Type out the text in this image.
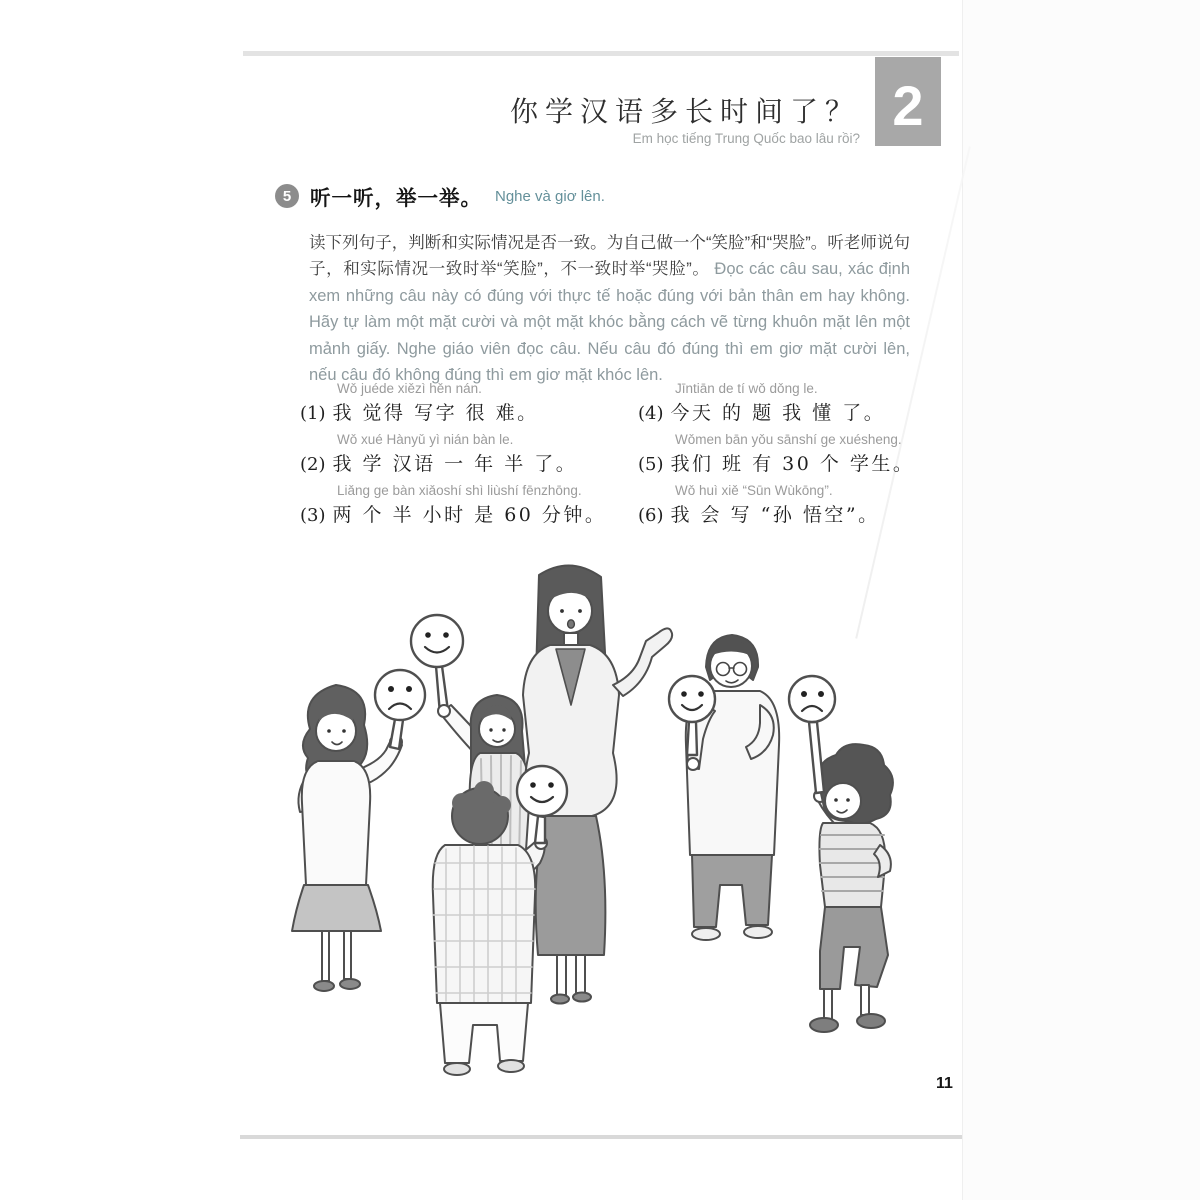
2
你学汉语多长时间了？
Em học tiếng Trung Quốc bao lâu rồi?
5 听一听，举一举。 Nghe và giơ lên.

读下列句子，判断和实际情况是否一致。为自己做一个“笑脸”和“哭脸”。听老师说句子，和实际情况一致时举“笑脸”，不一致时举“哭脸”。 Đọc các câu sau, xác định xem những câu này có đúng với thực tế hoặc đúng với bản thân em hay không. Hãy tự làm một mặt cười và một mặt khóc bằng cách vẽ từng khuôn mặt lên một mảnh giấy. Nghe giáo viên đọc câu. Nếu câu đó đúng thì em giơ mặt cười lên, nếu câu đó không đúng thì em giơ mặt khóc lên.

Wǒ juéde xiězì hěn nán.
(1) 我 觉得 写字 很 难。
Wǒ xué Hànyǔ yì nián bàn le.
(2) 我 学 汉语 一 年 半 了。
Liǎng ge bàn xiǎoshí shì liùshí fēnzhōng.
(3) 两 个 半 小时 是 60 分钟。
Jīntiān de tí wǒ dǒng le.
(4) 今天 的 题 我 懂 了。
Wǒmen bān yǒu sānshí ge xuésheng.
(5) 我们 班 有 30 个 学生。
Wǒ huì xiě “Sūn Wùkōng”.
(6) 我 会 写 “孙 悟空”。
11
